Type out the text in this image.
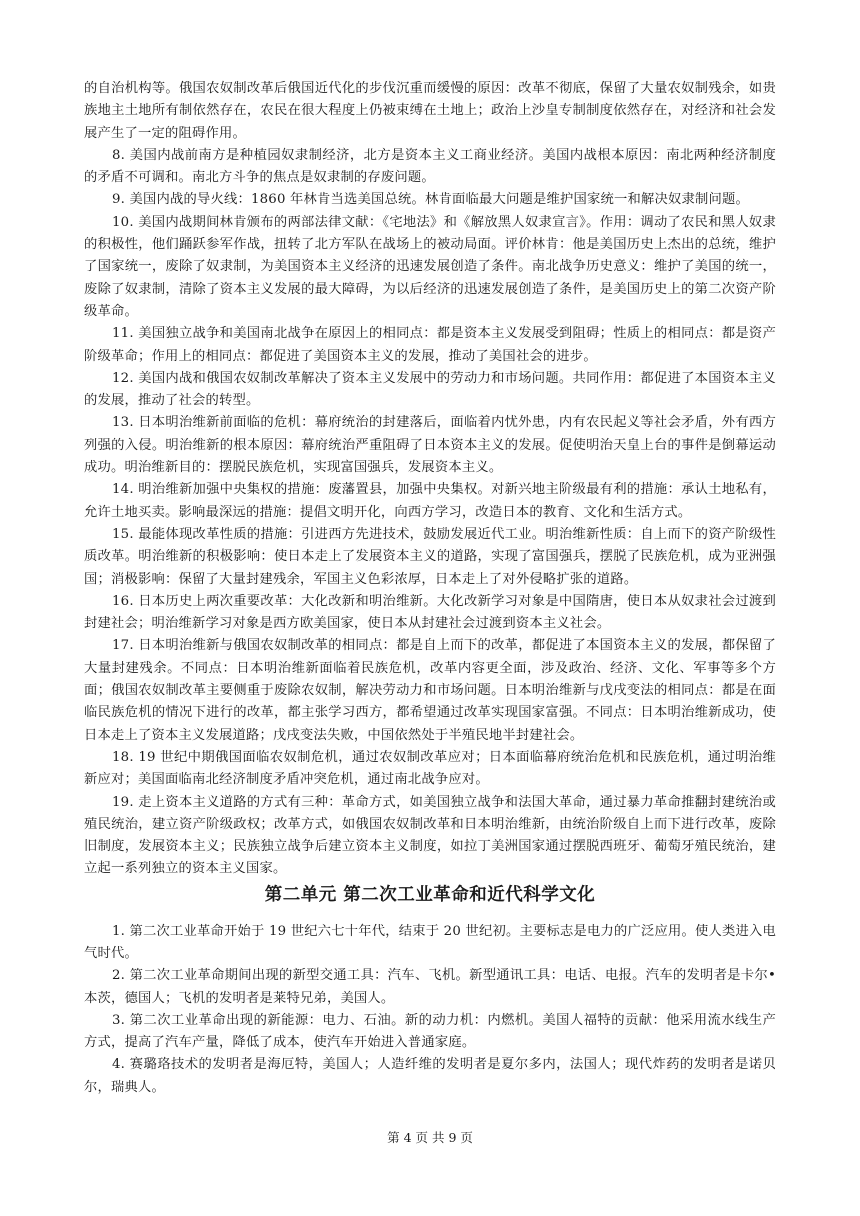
的自治机构等。俄国农奴制改革后俄国近代化的步伐沉重而缓慢的原因：改革不彻底，保留了大量农奴制残余，如贵族地主土地所有制依然存在，农民在很大程度上仍被束缚在土地上；政治上沙皇专制制度依然存在，对经济和社会发展产生了一定的阻碍作用。

8. 美国内战前南方是种植园奴隶制经济，北方是资本主义工商业经济。美国内战根本原因：南北两种经济制度的矛盾不可调和。南北方斗争的焦点是奴隶制的存废问题。

9. 美国内战的导火线：1860 年林肯当选美国总统。林肯面临最大问题是维护国家统一和解决奴隶制问题。

10. 美国内战期间林肯颁布的两部法律文献：《宅地法》和《解放黑人奴隶宣言》。作用：调动了农民和黑人奴隶的积极性，他们踊跃参军作战，扭转了北方军队在战场上的被动局面。评价林肯：他是美国历史上杰出的总统，维护了国家统一，废除了奴隶制，为美国资本主义经济的迅速发展创造了条件。南北战争历史意义：维护了美国的统一，废除了奴隶制，清除了资本主义发展的最大障碍，为以后经济的迅速发展创造了条件，是美国历史上的第二次资产阶级革命。

11. 美国独立战争和美国南北战争在原因上的相同点：都是资本主义发展受到阻碍；性质上的相同点：都是资产阶级革命；作用上的相同点：都促进了美国资本主义的发展，推动了美国社会的进步。

12. 美国内战和俄国农奴制改革解决了资本主义发展中的劳动力和市场问题。共同作用：都促进了本国资本主义的发展，推动了社会的转型。

13. 日本明治维新前面临的危机：幕府统治的封建落后，面临着内忧外患，内有农民起义等社会矛盾，外有西方列强的入侵。明治维新的根本原因：幕府统治严重阻碍了日本资本主义的发展。促使明治天皇上台的事件是倒幕运动成功。明治维新目的：摆脱民族危机，实现富国强兵，发展资本主义。

14. 明治维新加强中央集权的措施：废藩置县，加强中央集权。对新兴地主阶级最有利的措施：承认土地私有，允许土地买卖。影响最深远的措施：提倡文明开化，向西方学习，改造日本的教育、文化和生活方式。

15. 最能体现改革性质的措施：引进西方先进技术，鼓励发展近代工业。明治维新性质：自上而下的资产阶级性质改革。明治维新的积极影响：使日本走上了发展资本主义的道路，实现了富国强兵，摆脱了民族危机，成为亚洲强国；消极影响：保留了大量封建残余，军国主义色彩浓厚，日本走上了对外侵略扩张的道路。

16. 日本历史上两次重要改革：大化改新和明治维新。大化改新学习对象是中国隋唐，使日本从奴隶社会过渡到封建社会；明治维新学习对象是西方欧美国家，使日本从封建社会过渡到资本主义社会。

17. 日本明治维新与俄国农奴制改革的相同点：都是自上而下的改革，都促进了本国资本主义的发展，都保留了大量封建残余。不同点：日本明治维新面临着民族危机，改革内容更全面，涉及政治、经济、文化、军事等多个方面；俄国农奴制改革主要侧重于废除农奴制，解决劳动力和市场问题。日本明治维新与戊戌变法的相同点：都是在面临民族危机的情况下进行的改革，都主张学习西方，都希望通过改革实现国家富强。不同点：日本明治维新成功，使日本走上了资本主义发展道路；戊戌变法失败，中国依然处于半殖民地半封建社会。

18. 19 世纪中期俄国面临农奴制危机，通过农奴制改革应对；日本面临幕府统治危机和民族危机，通过明治维新应对；美国面临南北经济制度矛盾冲突危机，通过南北战争应对。

19. 走上资本主义道路的方式有三种：革命方式，如美国独立战争和法国大革命，通过暴力革命推翻封建统治或殖民统治，建立资产阶级政权；改革方式，如俄国农奴制改革和日本明治维新，由统治阶级自上而下进行改革，废除旧制度，发展资本主义；民族独立战争后建立资本主义制度，如拉丁美洲国家通过摆脱西班牙、葡萄牙殖民统治，建立起一系列独立的资本主义国家。

第二单元 第二次工业革命和近代科学文化

1. 第二次工业革命开始于 19 世纪六七十年代，结束于 20 世纪初。主要标志是电力的广泛应用。使人类进入电气时代。

2. 第二次工业革命期间出现的新型交通工具：汽车、飞机。新型通讯工具：电话、电报。汽车的发明者是卡尔•本茨，德国人；飞机的发明者是莱特兄弟，美国人。

3. 第二次工业革命出现的新能源：电力、石油。新的动力机：内燃机。美国人福特的贡献：他采用流水线生产方式，提高了汽车产量，降低了成本，使汽车开始进入普通家庭。

4. 赛璐珞技术的发明者是海厄特，美国人；人造纤维的发明者是夏尔多内，法国人；现代炸药的发明者是诺贝尔，瑞典人。

第 4 页 共 9 页
